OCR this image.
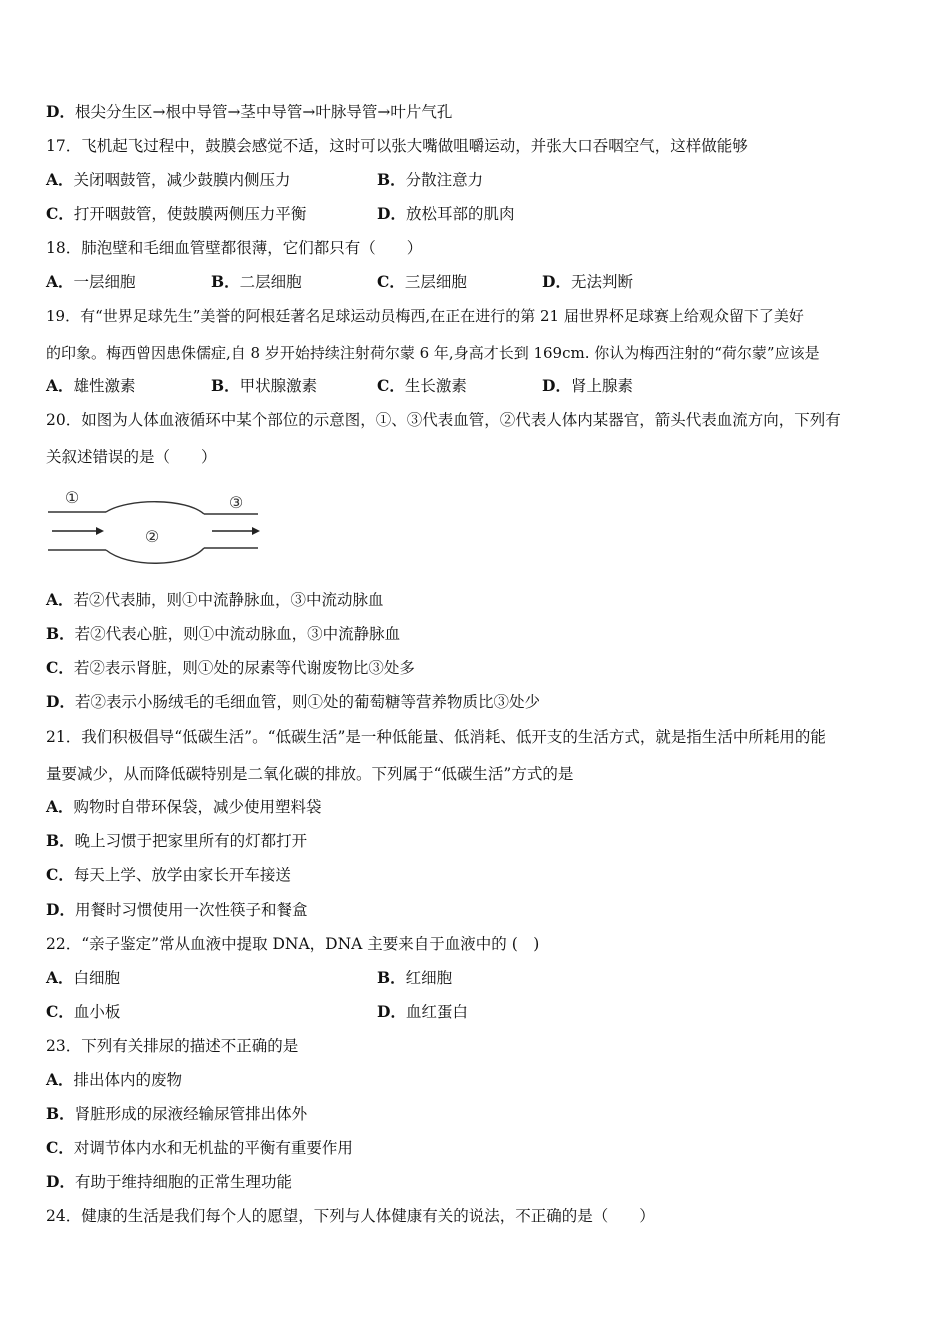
D．根尖分生区→根中导管→茎中导管→叶脉导管→叶片气孔
17．飞机起飞过程中，鼓膜会感觉不适，这时可以张大嘴做咀嚼运动，并张大口吞咽空气，这样做能够
A．关闭咽鼓管，减少鼓膜内侧压力	B．分散注意力
C．打开咽鼓管，使鼓膜两侧压力平衡	D．放松耳部的肌肉
18．肺泡壁和毛细血管壁都很薄，它们都只有（　　）
A．一层细胞	B．二层细胞	C．三层细胞	D．无法判断
19．有“世界足球先生”美誉的阿根廷著名足球运动员梅西,在正在进行的第 21 届世界杯足球赛上给观众留下了美好
的印象。梅西曾因患侏儒症,自 8 岁开始持续注射荷尔蒙 6 年,身高才长到 169cm. 你认为梅西注射的“荷尔蒙”应该是
A．雄性激素	B．甲状腺激素	C．生长激素	D．肾上腺素
20．如图为人体血液循环中某个部位的示意图，①、③代表血管，②代表人体内某器官，箭头代表血流方向，下列有
关叙述错误的是（　　）
①
②
③
A．若②代表肺，则①中流静脉血，③中流动脉血
B．若②代表心脏，则①中流动脉血，③中流静脉血
C．若②表示肾脏，则①处的尿素等代谢废物比③处多
D．若②表示小肠绒毛的毛细血管，则①处的葡萄糖等营养物质比③处少
21．我们积极倡导“低碳生活”。“低碳生活”是一种低能量、低消耗、低开支的生活方式，就是指生活中所耗用的能
量要减少，从而降低碳特别是二氧化碳的排放。下列属于“低碳生活”方式的是
A．购物时自带环保袋，减少使用塑料袋
B．晚上习惯于把家里所有的灯都打开
C．每天上学、放学由家长开车接送
D．用餐时习惯使用一次性筷子和餐盒
22．“亲子鉴定”常从血液中提取 DNA，DNA 主要来自于血液中的 (　)
A．白细胞	B．红细胞
C．血小板	D．血红蛋白
23．下列有关排尿的描述不正确的是
A．排出体内的废物
B．肾脏形成的尿液经输尿管排出体外
C．对调节体内水和无机盐的平衡有重要作用
D．有助于维持细胞的正常生理功能
24．健康的生活是我们每个人的愿望，下列与人体健康有关的说法，不正确的是（　　）
